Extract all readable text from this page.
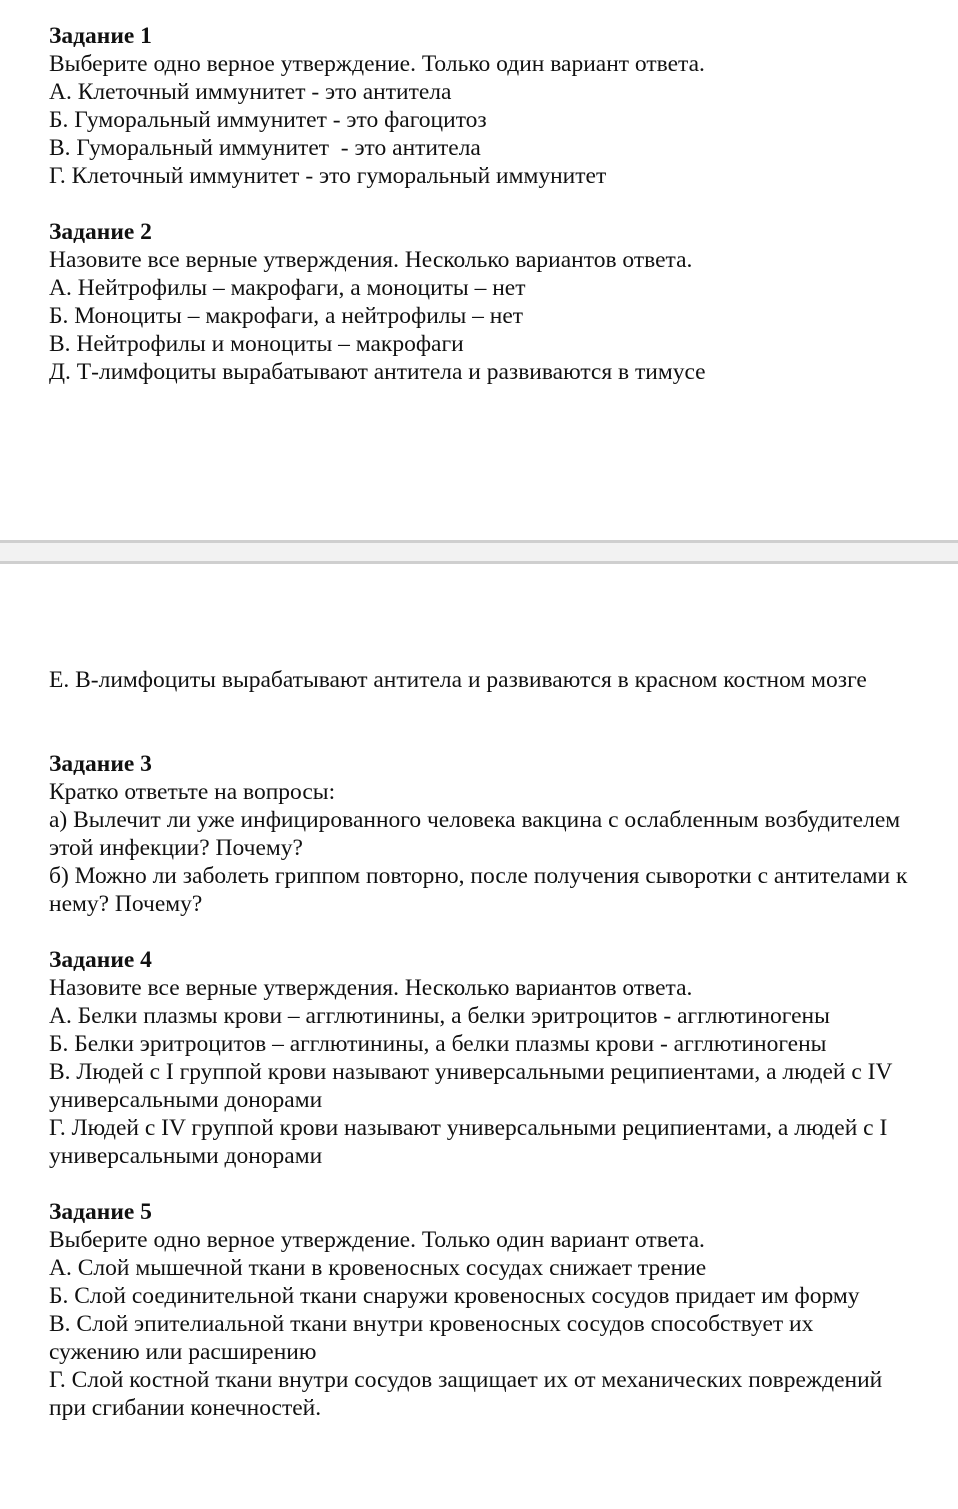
Задание 1

Выберите одно верное утверждение. Только один вариант ответа.

А. Клеточный иммунитет - это антитела

Б. Гуморальный иммунитет - это фагоцитоз

В. Гуморальный иммунитет  - это антитела

Г. Клеточный иммунитет - это гуморальный иммунитет

Задание 2

Назовите все верные утверждения. Несколько вариантов ответа.

А. Нейтрофилы – макрофаги, а моноциты – нет

Б. Моноциты – макрофаги, а нейтрофилы – нет

В. Нейтрофилы и моноциты – макрофаги

Д. Т-лимфоциты вырабатывают антитела и развиваются в тимусе

Е. В-лимфоциты вырабатывают антитела и развиваются в красном костном мозге

Задание 3

Кратко ответьте на вопросы:

а) Вылечит ли уже инфицированного человека вакцина с ослабленным возбудителем этой инфекции? Почему?

б) Можно ли заболеть гриппом повторно, после получения сыворотки с антителами к нему? Почему?

Задание 4

Назовите все верные утверждения. Несколько вариантов ответа.

А. Белки плазмы крови – агглютинины, а белки эритроцитов - агглютиногены

Б. Белки эритроцитов – агглютинины, а белки плазмы крови - агглютиногены

В. Людей с I группой крови называют универсальными реципиентами, а людей с IV универсальными донорами

Г. Людей с IV группой крови называют универсальными реципиентами, а людей с I универсальными донорами

Задание 5

Выберите одно верное утверждение. Только один вариант ответа.

А. Слой мышечной ткани в кровеносных сосудах снижает трение

Б. Слой соединительной ткани снаружи кровеносных сосудов придает им форму

В. Слой эпителиальной ткани внутри кровеносных сосудов способствует их сужению или расширению

Г. Слой костной ткани внутри сосудов защищает их от механических повреждений при сгибании конечностей.
